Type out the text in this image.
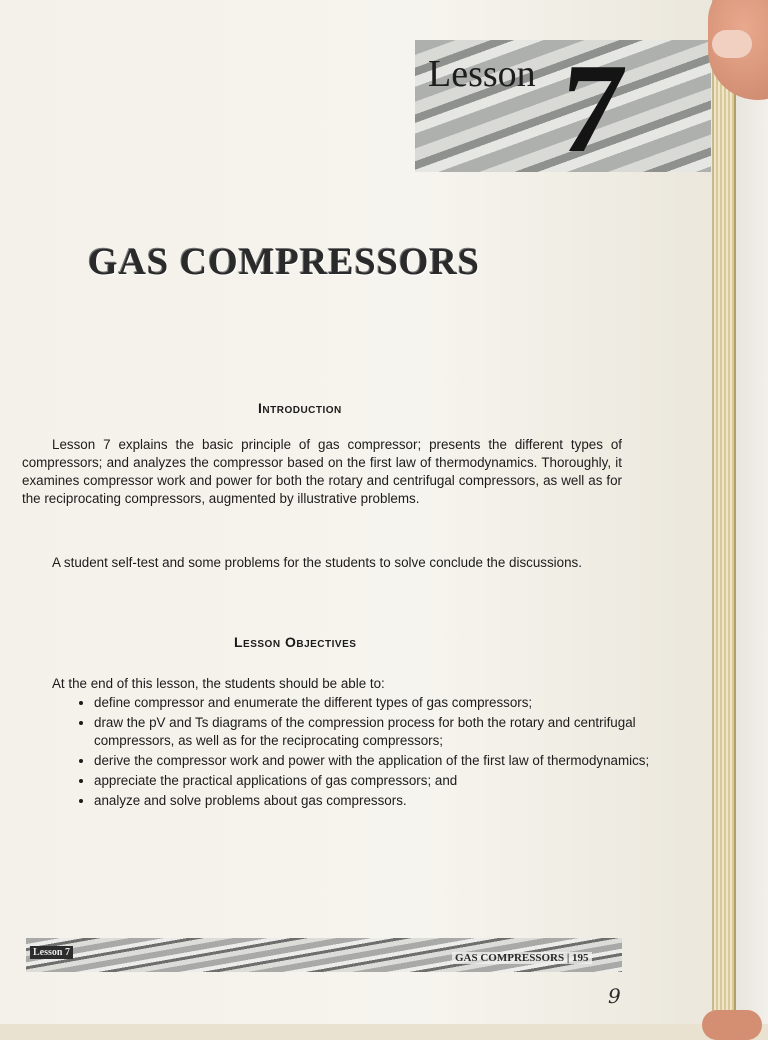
Lesson 7
GAS COMPRESSORS
Introduction
Lesson 7 explains the basic principle of gas compressor; presents the different types of compressors; and analyzes the compressor based on the first law of thermodynamics. Thoroughly, it examines compressor work and power for both the rotary and centrifugal compressors, as well as for the reciprocating compressors, augmented by illustrative problems.
A student self-test and some problems for the students to solve conclude the discussions.
Lesson Objectives
At the end of this lesson, the students should be able to:
• define compressor and enumerate the different types of gas compressors;
• draw the pV and Ts diagrams of the compression process for both the rotary and centrifugal compressors, as well as for the reciprocating compressors;
• derive the compressor work and power with the application of the first law of thermodynamics;
• appreciate the practical applications of gas compressors; and
• analyze and solve problems about gas compressors.
Lesson 7	GAS COMPRESSORS | 195
9
